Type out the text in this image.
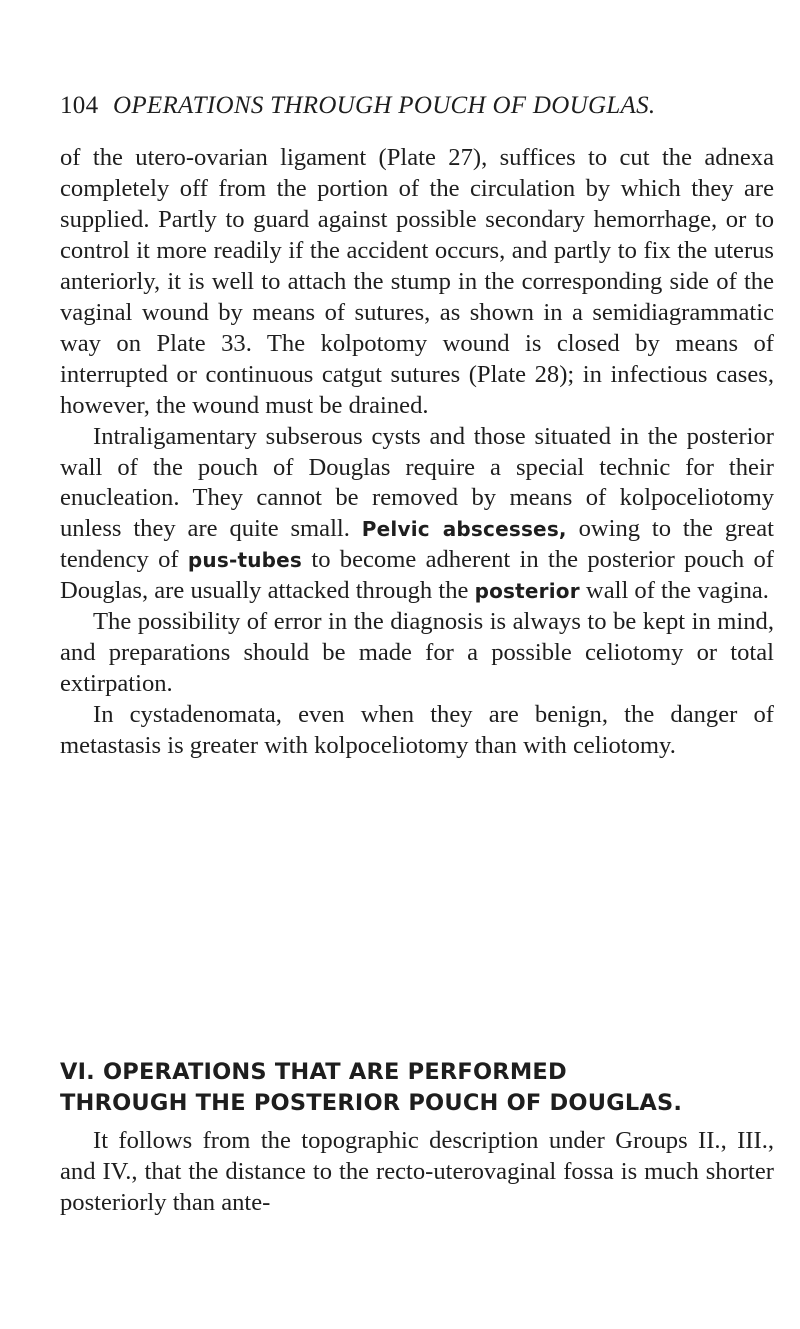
104 OPERATIONS THROUGH POUCH OF DOUGLAS.

of the utero-ovarian ligament (Plate 27), suffices to cut the adnexa completely off from the portion of the circulation by which they are supplied. Partly to guard against possible secondary hemorrhage, or to control it more readily if the accident occurs, and partly to fix the uterus anteriorly, it is well to attach the stump in the corresponding side of the vaginal wound by means of sutures, as shown in a semidiagrammatic way on Plate 33. The kolpotomy wound is closed by means of interrupted or continuous catgut sutures (Plate 28); in infectious cases, however, the wound must be drained.

Intraligamentary subserous cysts and those situated in the posterior wall of the pouch of Douglas require a special technic for their enucleation. They cannot be removed by means of kolpoceliotomy unless they are quite small. Pelvic abscesses, owing to the great tendency of pus-tubes to become adherent in the posterior pouch of Douglas, are usually attacked through the posterior wall of the vagina.

The possibility of error in the diagnosis is always to be kept in mind, and preparations should be made for a possible celiotomy or total extirpation.

In cystadenomata, even when they are benign, the danger of metastasis is greater with kolpoceliotomy than with celiotomy.

VI. OPERATIONS THAT ARE PERFORMED
THROUGH THE POSTERIOR POUCH OF DOUGLAS.

It follows from the topographic description under Groups II., III., and IV., that the distance to the recto-uterovaginal fossa is much shorter posteriorly than ante-
